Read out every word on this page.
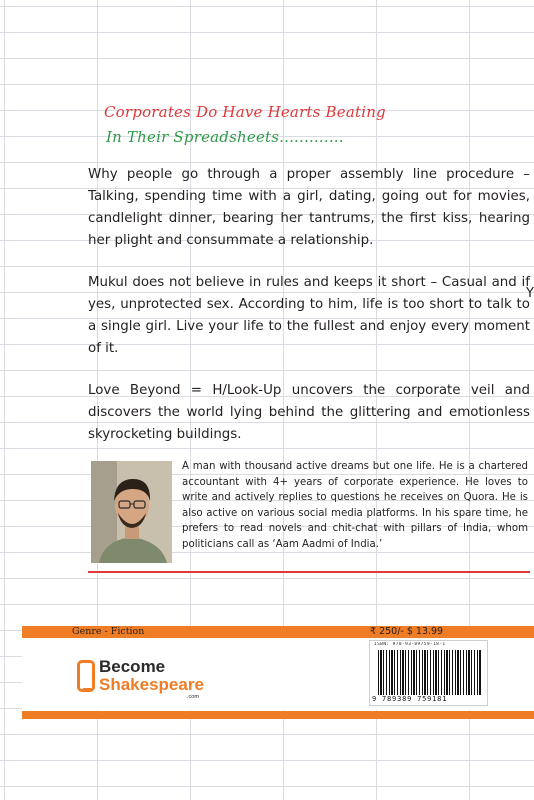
Corporates Do Have Hearts Beating
In Their Spreadsheets.............

Why people go through a proper assembly line procedure – Talking, spending time with a girl, dating, going out for movies, candlelight dinner, bearing her tantrums, the first kiss, hearing her plight and consummate a relationship.

Mukul does not believe in rules and keeps it short – Casual and if yes, unprotected sex. According to him, life is too short to talk to a single girl. Live your life to the fullest and enjoy every moment of it.

Love Beyond = H/Look-Up uncovers the corporate veil and discovers the world lying behind the glittering and emotionless skyrocketing buildings.

Y
A man with thousand active dreams but one life. He is a chartered accountant with 4+ years of corporate experience. He loves to write and actively replies to questions he receives on Quora. He is also active on various social media platforms. In his spare time, he prefers to read novels and chit-chat with pillars of India, whom politicians call as ‘Aam Aadmi of India.’
Genre - Fiction	₹ 250/- $ 13.99
Become
Shakespeare
.com
ISBN: 978-93-89759-18-1
9 789389 759181
